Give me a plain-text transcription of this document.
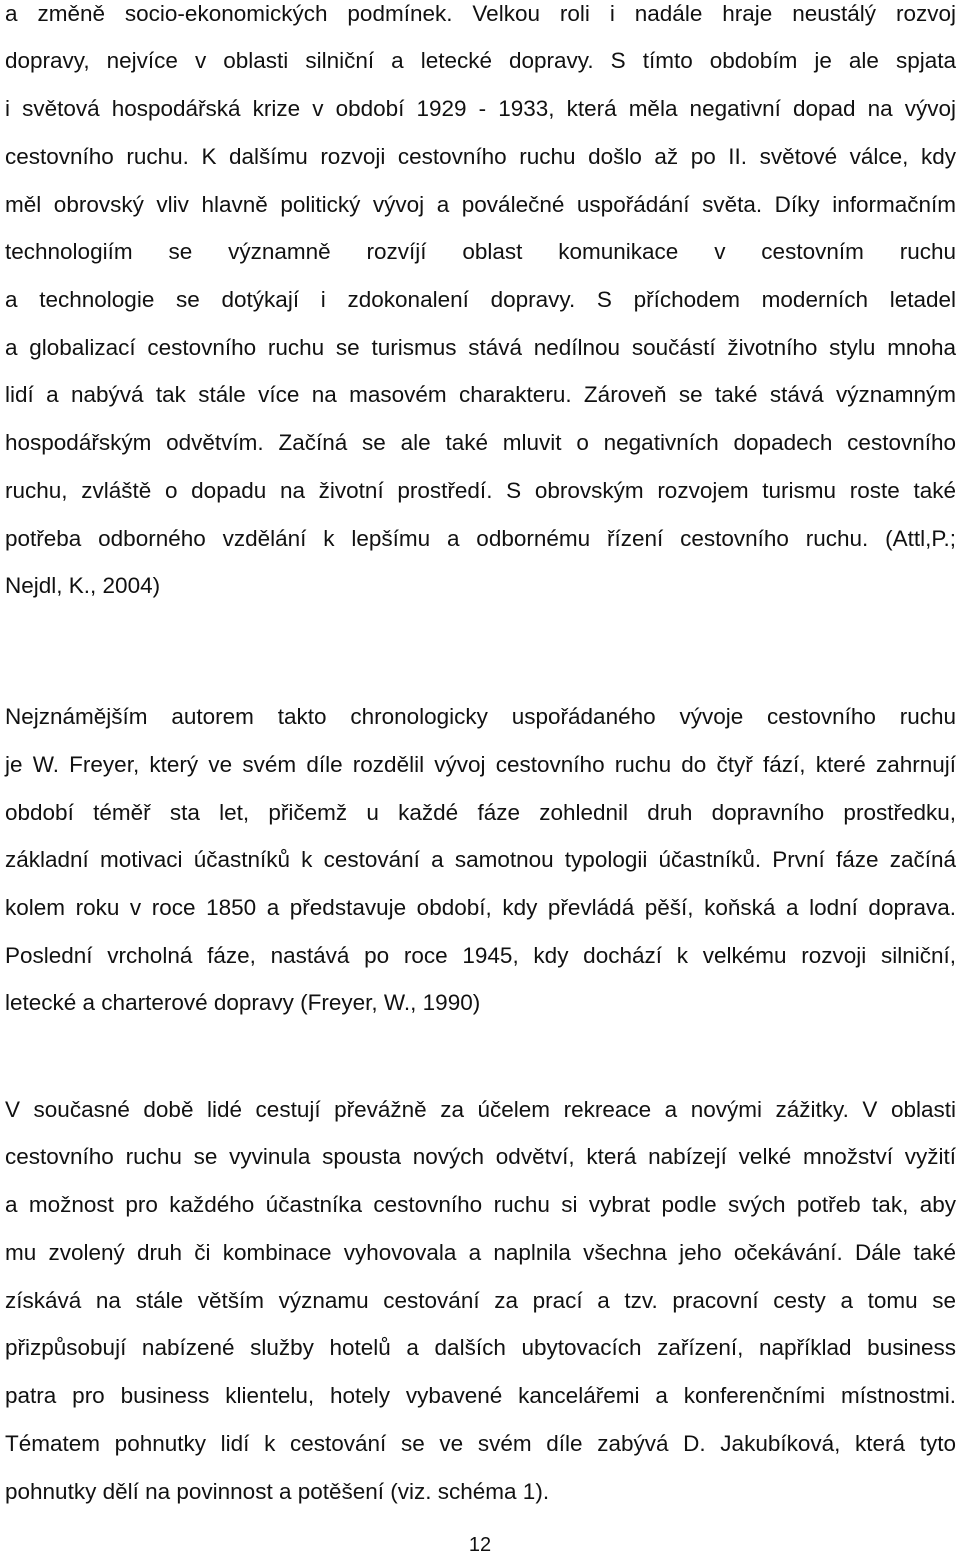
a změně socio-ekonomických podmínek. Velkou roli i nadále hraje neustálý rozvoj
dopravy, nejvíce v oblasti silniční a letecké dopravy. S tímto obdobím je ale spjata
i světová hospodářská krize v období 1929 - 1933, která měla negativní dopad na vývoj
cestovního ruchu. K dalšímu rozvoji cestovního ruchu došlo až po II. světové válce, kdy
měl obrovský vliv hlavně politický vývoj a poválečné uspořádání světa. Díky informačním
technologiím se významně rozvíjí oblast komunikace v cestovním ruchu
a technologie se dotýkají i zdokonalení dopravy. S příchodem moderních letadel
a globalizací cestovního ruchu se turismus stává nedílnou součástí životního stylu mnoha
lidí a nabývá tak stále více na masovém charakteru. Zároveň se také stává významným
hospodářským odvětvím. Začíná se ale také mluvit o negativních dopadech cestovního
ruchu, zvláště o dopadu na životní prostředí. S obrovským rozvojem turismu roste také
potřeba odborného vzdělání k lepšímu a odbornému řízení cestovního ruchu. (Attl,P.;
Nejdl, K., 2004)
Nejznámějším autorem takto chronologicky uspořádaného vývoje cestovního ruchu
je W. Freyer, který ve svém díle rozdělil vývoj cestovního ruchu do čtyř fází, které zahrnují
období téměř sta let, přičemž u každé fáze zohlednil druh dopravního prostředku,
základní motivaci účastníků k cestování a samotnou typologii účastníků. První fáze začíná
kolem roku v roce 1850 a představuje období, kdy převládá pěší, koňská a lodní doprava.
Poslední vrcholná fáze, nastává po roce 1945, kdy dochází k velkému rozvoji silniční,
letecké a charterové dopravy (Freyer, W., 1990)
V současné době lidé cestují převážně za účelem rekreace a novými zážitky. V oblasti
cestovního ruchu se vyvinula spousta nových odvětví, která nabízejí velké množství vyžití
a možnost pro každého účastníka cestovního ruchu si vybrat podle svých potřeb tak, aby
mu zvolený druh či kombinace vyhovovala a naplnila všechna jeho očekávání. Dále také
získává na stále větším významu cestování za prací a tzv. pracovní cesty a tomu se
přizpůsobují nabízené služby hotelů a dalších ubytovacích zařízení, například business
patra pro business klientelu, hotely vybavené kancelářemi a konferenčními místnostmi.
Tématem pohnutky lidí k cestování se ve svém díle zabývá D. Jakubíková, která tyto
pohnutky dělí na povinnost a potěšení (viz. schéma 1).
12
